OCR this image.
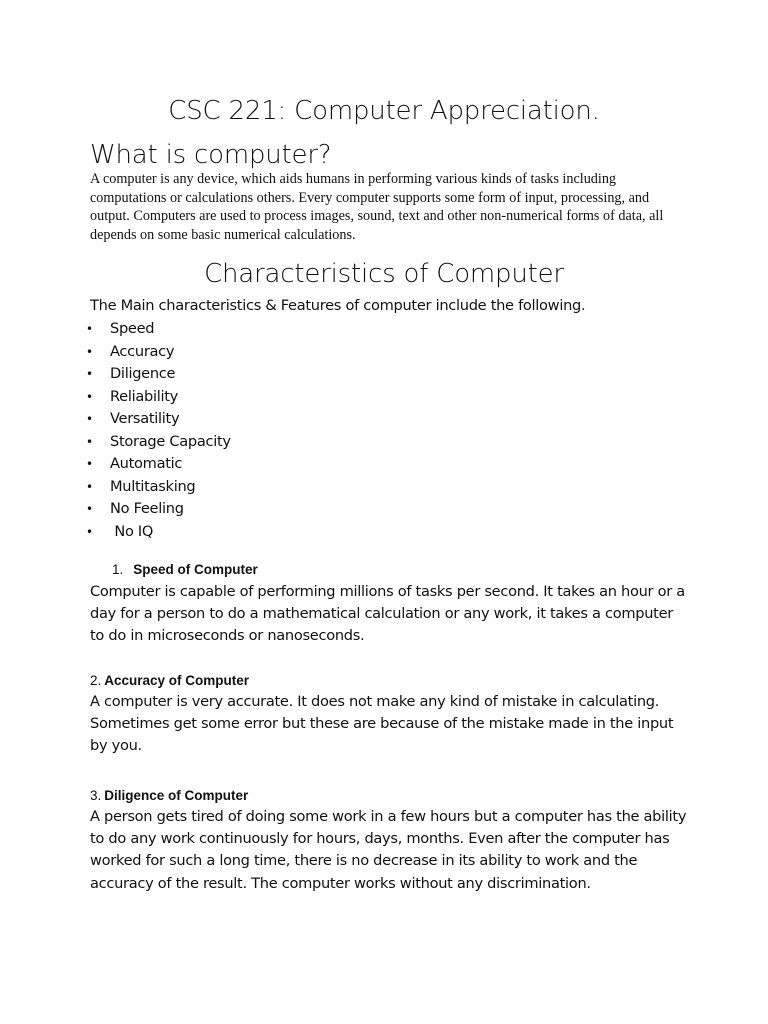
CSC 221: Computer Appreciation.
What is computer?

A computer is any device, which aids humans in performing various kinds of tasks including computations or calculations others. Every computer supports some form of input, processing, and output. Computers are used to process images, sound, text and other non-numerical forms of data, all depends on some basic numerical calculations.

Characteristics of Computer

The Main characteristics & Features of computer include the following.

• Speed
• Accuracy
• Diligence
• Reliability
• Versatility
• Storage Capacity
• Automatic
• Multitasking
• No Feeling
• No IQ

1. Speed of Computer

Computer is capable of performing millions of tasks per second. It takes an hour or a day for a person to do a mathematical calculation or any work, it takes a computer to do in microseconds or nanoseconds.

2. Accuracy of Computer

A computer is very accurate. It does not make any kind of mistake in calculating. Sometimes get some error but these are because of the mistake made in the input by you.

3. Diligence of Computer

A person gets tired of doing some work in a few hours but a computer has the ability to do any work continuously for hours, days, months. Even after the computer has worked for such a long time, there is no decrease in its ability to work and the accuracy of the result. The computer works without any discrimination.
